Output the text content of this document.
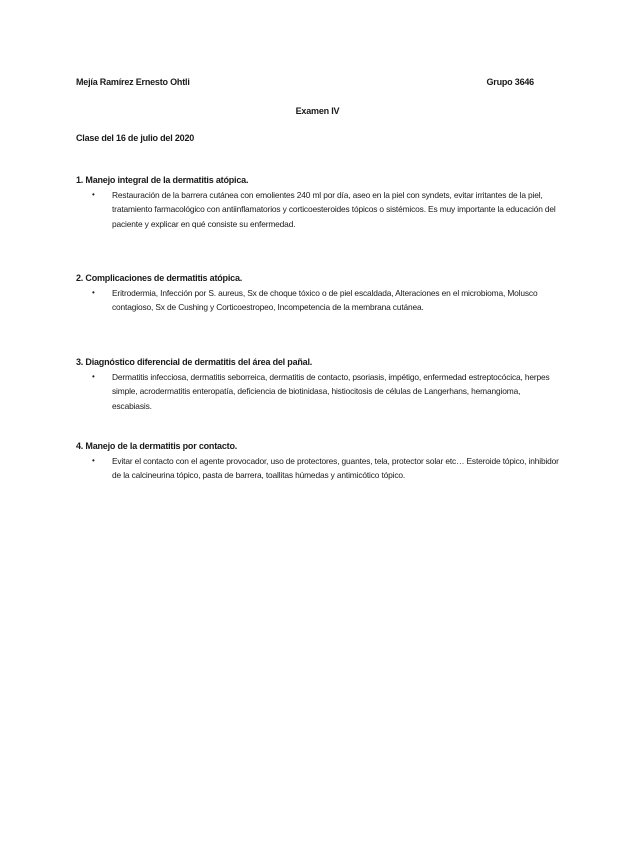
Mejía Ramírez Ernesto Ohtli	Grupo 3646
Examen IV
Clase del 16 de julio del 2020

1. Manejo integral de la dermatitis atópica.

• Restauración de la barrera cutánea con emolientes 240 ml por día, aseo en la piel con syndets, evitar irritantes de la piel, tratamiento farmacológico con antiinflamatorios y corticoesteroides tópicos o sistémicos. Es muy importante la educación del paciente y explicar en qué consiste su enfermedad.

2. Complicaciones de dermatitis atópica.

• Eritrodermia, Infección por S. aureus, Sx de choque tóxico o de piel escaldada, Alteraciones en el microbioma, Molusco contagioso, Sx de Cushing y Corticoestropeo, Incompetencia de la membrana cutánea.

3. Diagnóstico diferencial de dermatitis del área del pañal.

• Dermatitis infecciosa, dermatitis seborreica, dermatitis de contacto, psoriasis, impétigo, enfermedad estreptocócica, herpes simple, acrodermatitis enteropatía, deficiencia de biotinidasa, histiocitosis de células de Langerhans, hemangioma, escabiasis.

4. Manejo de la dermatitis por contacto.

• Evitar el contacto con el agente provocador, uso de protectores, guantes, tela, protector solar etc… Esteroide tópico, inhibidor de la calcineurina tópico, pasta de barrera, toallitas húmedas y antimicótico tópico.
